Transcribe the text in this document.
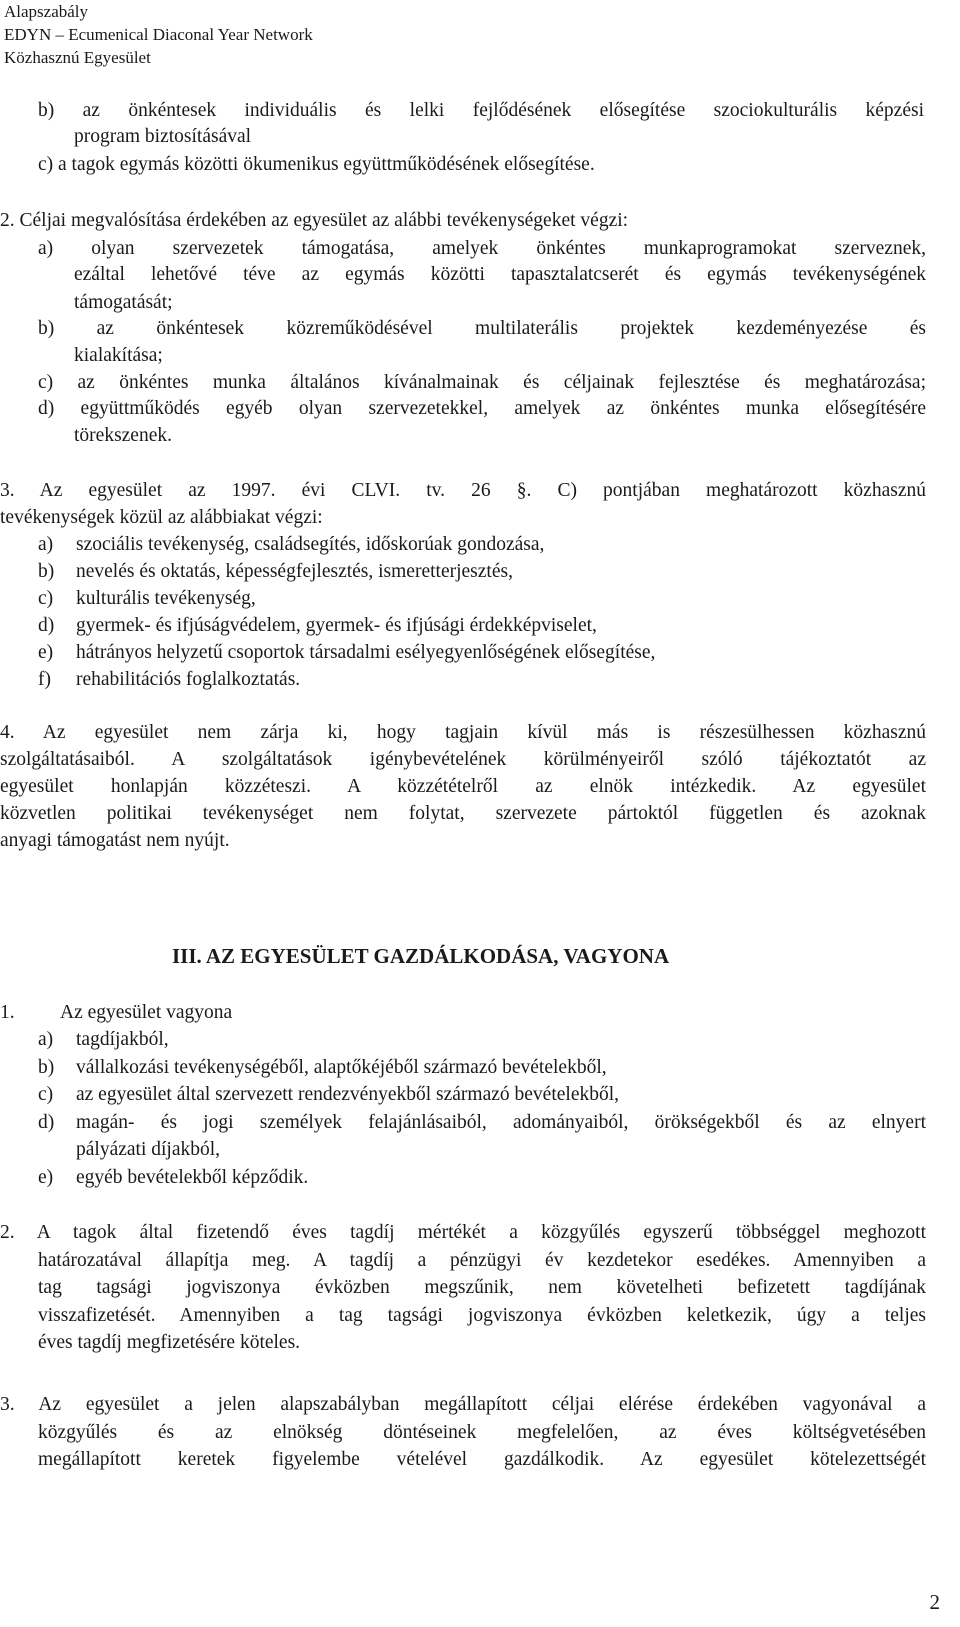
Alapszabály
EDYN – Ecumenical Diaconal Year Network
Közhasznú Egyesület
b) az önkéntesek individuális és lelki fejlődésének elősegítése szociokulturális képzési
program biztosításával
c) a tagok egymás közötti ökumenikus együttműködésének elősegítése.
2. Céljai megvalósítása érdekében az egyesület az alábbi tevékenységeket végzi:
a) olyan szervezetek támogatása, amelyek önkéntes munkaprogramokat szerveznek,
ezáltal lehetővé téve az egymás közötti tapasztalatcserét és egymás tevékenységének
támogatását;
b) az önkéntesek közreműködésével multilaterális projektek kezdeményezése és
kialakítása;
c) az önkéntes munka általános kívánalmainak és céljainak fejlesztése és meghatározása;
d) együttműködés egyéb olyan szervezetekkel, amelyek az önkéntes munka elősegítésére
törekszenek.
3. Az egyesület az 1997. évi CLVI. tv. 26 §. C) pontjában meghatározott közhasznú
tevékenységek közül az alábbiakat végzi:
a)	szociális tevékenység, családsegítés, időskorúak gondozása,
b)	nevelés és oktatás, képességfejlesztés, ismeretterjesztés,
c)	kulturális tevékenység,
d)	gyermek- és ifjúságvédelem, gyermek- és ifjúsági érdekképviselet,
e)	hátrányos helyzetű csoportok társadalmi esélyegyenlőségének elősegítése,
f)	rehabilitációs foglalkoztatás.
4. Az egyesület nem zárja ki, hogy tagjain kívül más is részesülhessen közhasznú
szolgáltatásaiból. A szolgáltatások igénybevételének körülményeiről szóló tájékoztatót az
egyesület honlapján közzéteszi. A közzétételről az elnök intézkedik. Az egyesület
közvetlen politikai tevékenységet nem folytat, szervezete pártoktól független és azoknak
anyagi támogatást nem nyújt.
III. AZ EGYESÜLET GAZDÁLKODÁSA, VAGYONA
1. Az egyesület vagyona
a)	tagdíjakból,
b)	vállalkozási tevékenységéből, alaptőkéjéből származó bevételekből,
c)	az egyesület által szervezett rendezvényekből származó bevételekből,
d)	magán- és jogi személyek felajánlásaiból, adományaiból, örökségekből és az elnyert
pályázati díjakból,
e)	egyéb bevételekből képződik.
2. A tagok által fizetendő éves tagdíj mértékét a közgyűlés egyszerű többséggel meghozott
határozatával állapítja meg. A tagdíj a pénzügyi év kezdetekor esedékes. Amennyiben a
tag tagsági jogviszonya évközben megszűnik, nem követelheti befizetett tagdíjának
visszafizetését. Amennyiben a tag tagsági jogviszonya évközben keletkezik, úgy a teljes
éves tagdíj megfizetésére köteles.
3. Az egyesület a jelen alapszabályban megállapított céljai elérése érdekében vagyonával a
közgyűlés és az elnökség döntéseinek megfelelően, az éves költségvetésében
megállapított keretek figyelembe vételével gazdálkodik. Az egyesület kötelezettségét
2
